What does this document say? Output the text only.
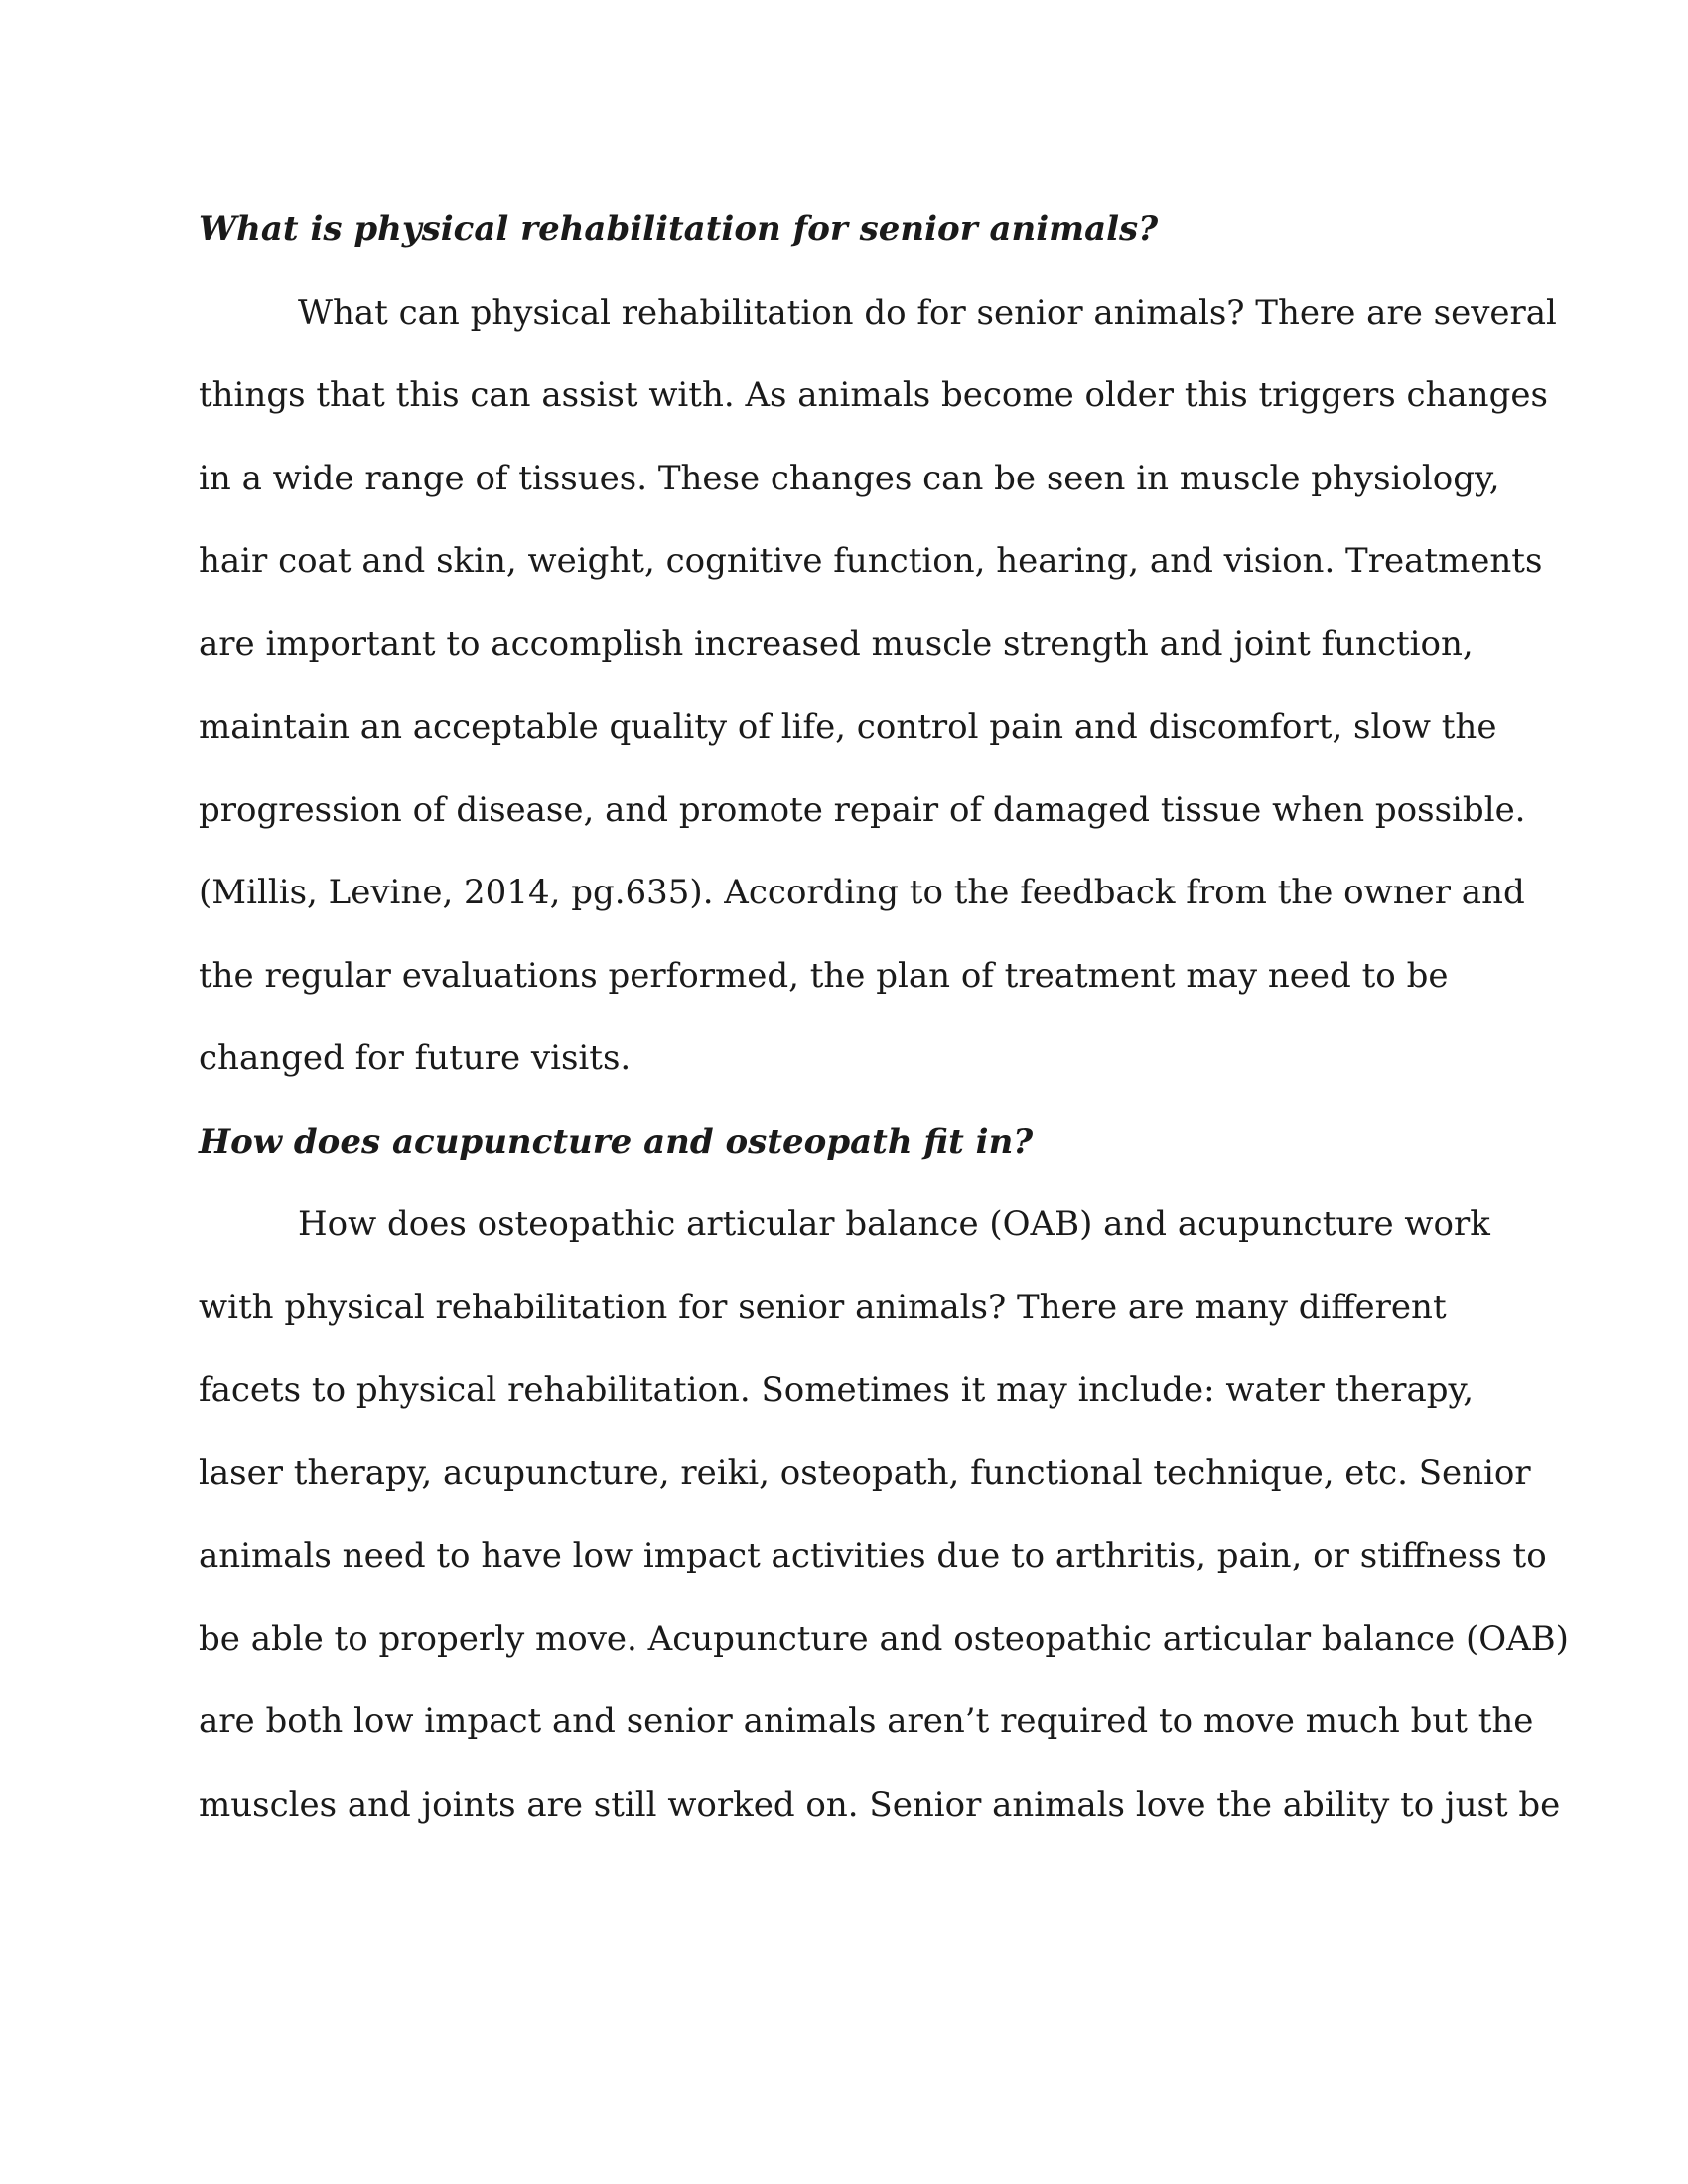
What is physical rehabilitation for senior animals?
What can physical rehabilitation do for senior animals? There are several
things that this can assist with. As animals become older this triggers changes
in a wide range of tissues. These changes can be seen in muscle physiology,
hair coat and skin, weight, cognitive function, hearing, and vision. Treatments
are important to accomplish increased muscle strength and joint function,
maintain an acceptable quality of life, control pain and discomfort, slow the
progression of disease, and promote repair of damaged tissue when possible.
(Millis, Levine, 2014, pg.635). According to the feedback from the owner and
the regular evaluations performed, the plan of treatment may need to be
changed for future visits.
How does acupuncture and osteopath fit in?
How does osteopathic articular balance (OAB) and acupuncture work
with physical rehabilitation for senior animals? There are many different
facets to physical rehabilitation. Sometimes it may include: water therapy,
laser therapy, acupuncture, reiki, osteopath, functional technique, etc. Senior
animals need to have low impact activities due to arthritis, pain, or stiffness to
be able to properly move. Acupuncture and osteopathic articular balance (OAB)
are both low impact and senior animals aren’t required to move much but the
muscles and joints are still worked on. Senior animals love the ability to just be
